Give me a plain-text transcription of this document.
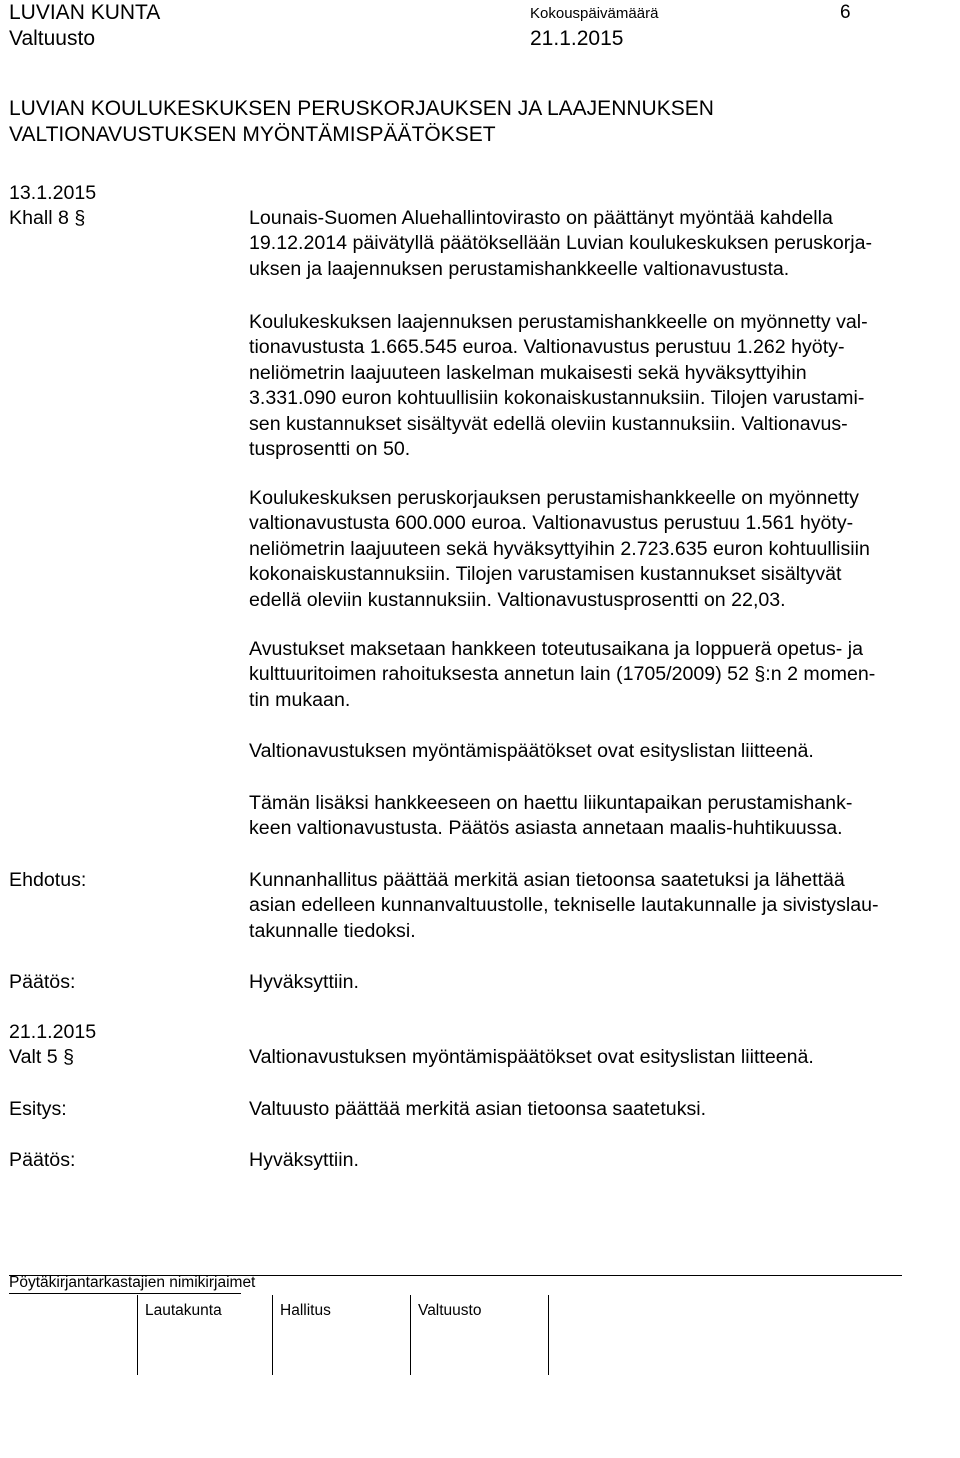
LUVIAN KUNTA	Kokouspäivämäärä	6
Valtuusto	21.1.2015
LUVIAN KOULUKESKUKSEN PERUSKORJAUKSEN JA LAAJENNUKSEN
VALTIONAVUSTUKSEN MYÖNTÄMISPÄÄTÖKSET
13.1.2015
Khall 8 §	Lounais-Suomen Aluehallintovirasto on päättänyt myöntää kahdella

19.12.2014 päivätyllä päätöksellään Luvian koulukeskuksen peruskorja-

uksen ja laajennuksen perustamishankkeelle valtionavustusta.

Koulukeskuksen laajennuksen perustamishankkeelle on myönnetty val-

tionavustusta 1.665.545 euroa. Valtionavustus perustuu 1.262 hyöty-

neliömetrin laajuuteen laskelman mukaisesti sekä hyväksyttyihin

3.331.090 euron kohtuullisiin kokonaiskustannuksiin. Tilojen varustami-

sen kustannukset sisältyvät edellä oleviin kustannuksiin. Valtionavus-

tusprosentti on 50.

Koulukeskuksen peruskorjauksen perustamishankkeelle on myönnetty

valtionavustusta 600.000 euroa. Valtionavustus perustuu 1.561 hyöty-

neliömetrin laajuuteen sekä hyväksyttyihin 2.723.635 euron kohtuullisiin

kokonaiskustannuksiin. Tilojen varustamisen kustannukset sisältyvät

edellä oleviin kustannuksiin. Valtionavustusprosentti on 22,03.

Avustukset maksetaan hankkeen toteutusaikana ja loppuerä opetus- ja

kulttuuritoimen rahoituksesta annetun lain (1705/2009) 52 §:n 2 momen-

tin mukaan.

Valtionavustuksen myöntämispäätökset ovat esityslistan liitteenä.

Tämän lisäksi hankkeeseen on haettu liikuntapaikan perustamishank-

keen valtionavustusta. Päätös asiasta annetaan maalis-huhtikuussa.

Ehdotus:	Kunnanhallitus päättää merkitä asian tietoonsa saatetuksi ja lähettää

asian edelleen kunnanvaltuustolle, tekniselle lautakunnalle ja sivistyslau-

takunnalle tiedoksi.

Päätös:	Hyväksyttiin.
21.1.2015
Valt 5 §	Valtionavustuksen myöntämispäätökset ovat esityslistan liitteenä.
Esitys:	Valtuusto päättää merkitä asian tietoonsa saatetuksi.
Päätös:	Hyväksyttiin.
Pöytäkirjantarkastajien nimikirjaimet
Lautakunta	Hallitus	Valtuusto
